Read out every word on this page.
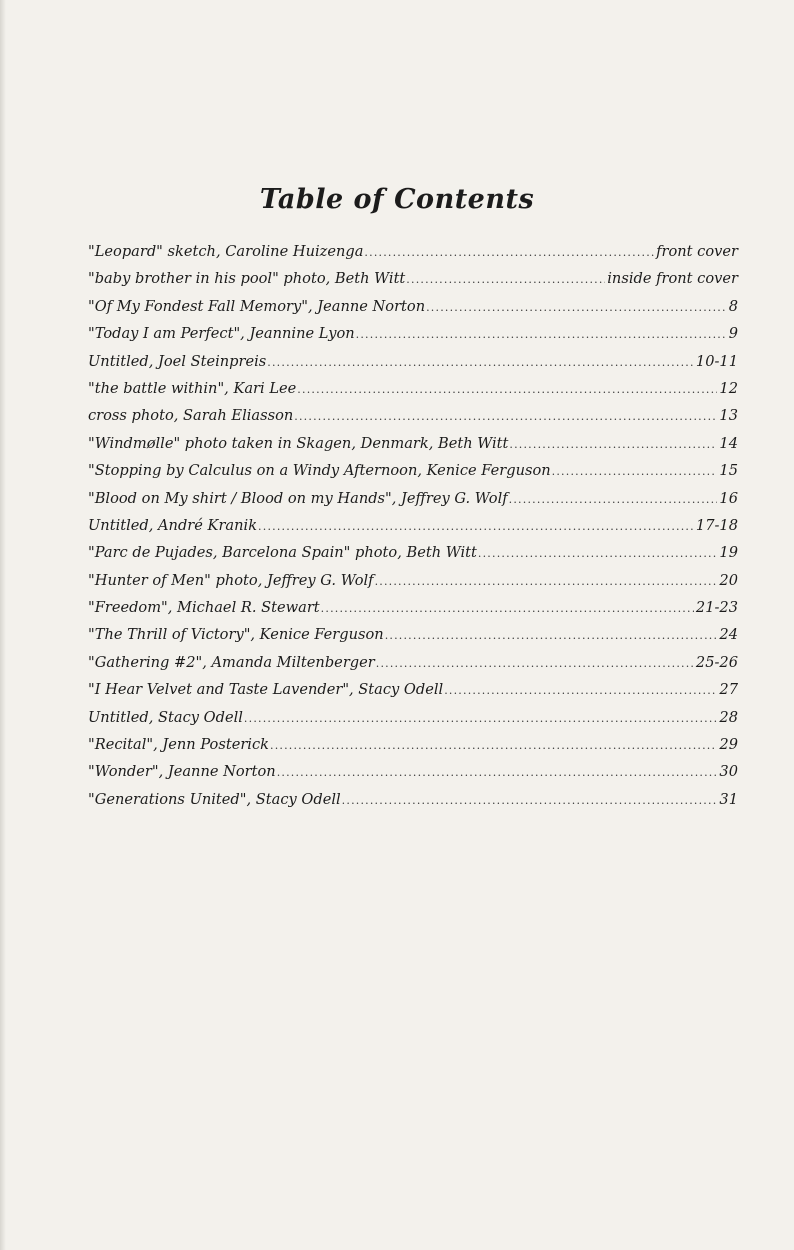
Table of Contents
"Leopard" sketch, Caroline Huizenga .....	front cover
"baby brother in his pool" photo, Beth Witt .....	inside front cover
"Of My Fondest Fall Memory", Jeanne Norton .....	8
"Today I am Perfect", Jeannine Lyon .....	9
Untitled, Joel Steinpreis .....	10-11
"the battle within", Kari Lee .....	12
cross photo, Sarah Eliasson .....	13
"Windmølle" photo taken in Skagen, Denmark, Beth Witt .....	14
"Stopping by Calculus on a Windy Afternoon, Kenice Ferguson .....	15
"Blood on My shirt / Blood on my Hands", Jeffrey G. Wolf .....	16
Untitled, André Kranik .....	17-18
"Parc de Pujades, Barcelona Spain" photo, Beth Witt .....	19
"Hunter of Men" photo, Jeffrey G. Wolf .....	20
"Freedom", Michael R. Stewart .....	21-23
"The Thrill of Victory", Kenice Ferguson .....	24
"Gathering #2", Amanda Miltenberger .....	25-26
"I Hear Velvet and Taste Lavender", Stacy Odell .....	27
Untitled, Stacy Odell .....	28
"Recital", Jenn Posterick .....	29
"Wonder", Jeanne Norton .....	30
"Generations United", Stacy Odell .....	31
